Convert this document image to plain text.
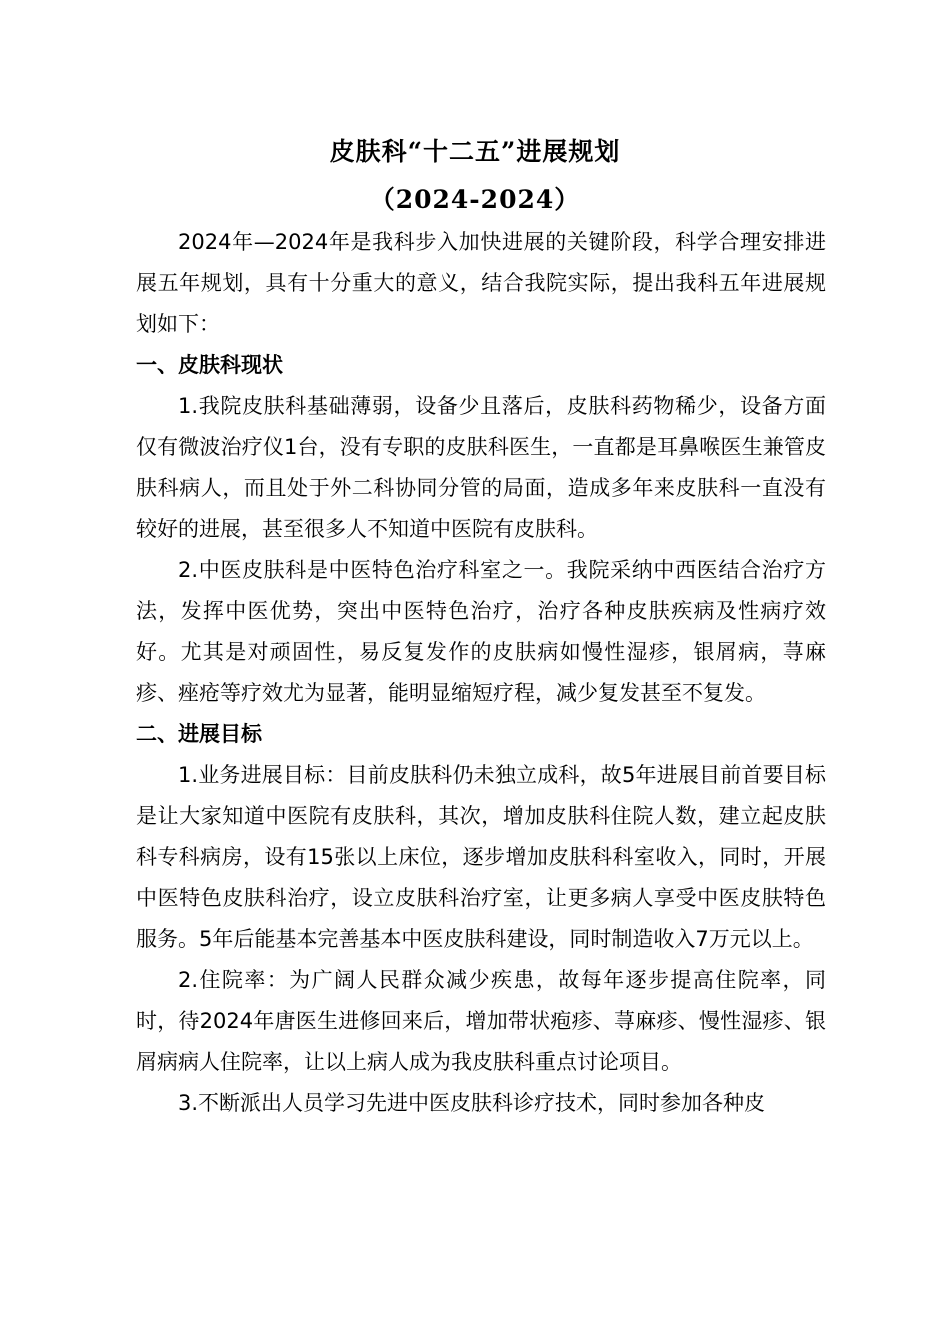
皮肤科“十二五”进展规划
（2024-2024）

2024年—2024年是我科步入加快进展的关键阶段，科学合理安排进展五年规划，具有十分重大的意义，结合我院实际，提出我科五年进展规划如下：

一、皮肤科现状

1.我院皮肤科基础薄弱，设备少且落后，皮肤科药物稀少，设备方面仅有微波治疗仪1台，没有专职的皮肤科医生，一直都是耳鼻喉医生兼管皮肤科病人，而且处于外二科协同分管的局面，造成多年来皮肤科一直没有较好的进展，甚至很多人不知道中医院有皮肤科。

2.中医皮肤科是中医特色治疗科室之一。我院采纳中西医结合治疗方法，发挥中医优势，突出中医特色治疗，治疗各种皮肤疾病及性病疗效好。尤其是对顽固性，易反复发作的皮肤病如慢性湿疹，银屑病，荨麻疹、痤疮等疗效尤为显著，能明显缩短疗程，减少复发甚至不复发。

二、进展目标

1.业务进展目标：目前皮肤科仍未独立成科，故5年进展目前首要目标是让大家知道中医院有皮肤科，其次，增加皮肤科住院人数，建立起皮肤科专科病房，设有15张以上床位，逐步增加皮肤科科室收入，同时，开展中医特色皮肤科治疗，设立皮肤科治疗室，让更多病人享受中医皮肤特色服务。5年后能基本完善基本中医皮肤科建设，同时制造收入7万元以上。

2.住院率：为广阔人民群众减少疾患，故每年逐步提高住院率，同时，待2024年唐医生进修回来后，增加带状疱疹、荨麻疹、慢性湿疹、银屑病病人住院率，让以上病人成为我皮肤科重点讨论项目。

3.不断派出人员学习先进中医皮肤科诊疗技术，同时参加各种皮
